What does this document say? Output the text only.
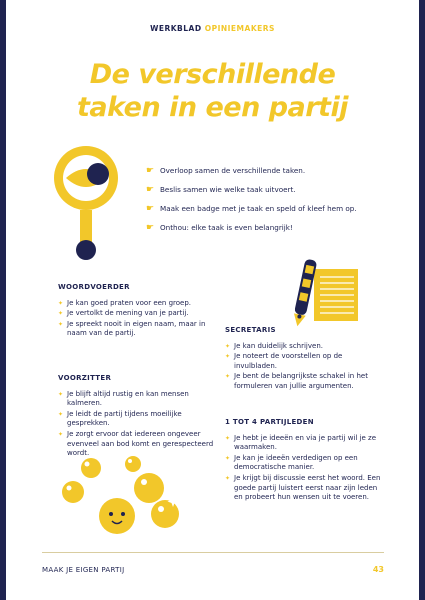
WERKBLAD OPINIEMAKERS
De verschillende
taken in een partij
☛ Overloop samen de verschillende taken.
☛ Beslis samen wie welke taak uitvoert.
☛ Maak een badge met je taak en speld of kleef hem op.
☛ Onthou: elke taak is even belangrijk!
WOORDVOERDER
✦ Je kan goed praten voor een groep.
✦ Je vertolkt de mening van je partij.
✦ Je spreekt nooit in eigen naam, maar in naam van de partij.	SECRETARIS
✦ Je kan duidelijk schrijven.
✦ Je noteert de voorstellen op de invulbladen.
✦ Je bent de belangrijkste schakel in het formuleren van jullie argumenten.
VOORZITTER
✦ Je blijft altijd rustig en kan mensen kalmeren.
✦ Je leidt de partij tijdens moeilijke gesprekken.
✦ Je zorgt ervoor dat iedereen ongeveer evenveel aan bod komt en gerespecteerd wordt.
1 TOT 4 PARTIJLEDEN
✦ Je hebt je ideeën en via je partij wil je ze waarmaken.
✦ Je kan je ideeën verdedigen op een democratische manier.
✦ Je krijgt bij discussie eerst het woord. Een goede partij luistert eerst naar zijn leden en probeert hun wensen uit te voeren.
MAAK JE EIGEN PARTIJ	43
